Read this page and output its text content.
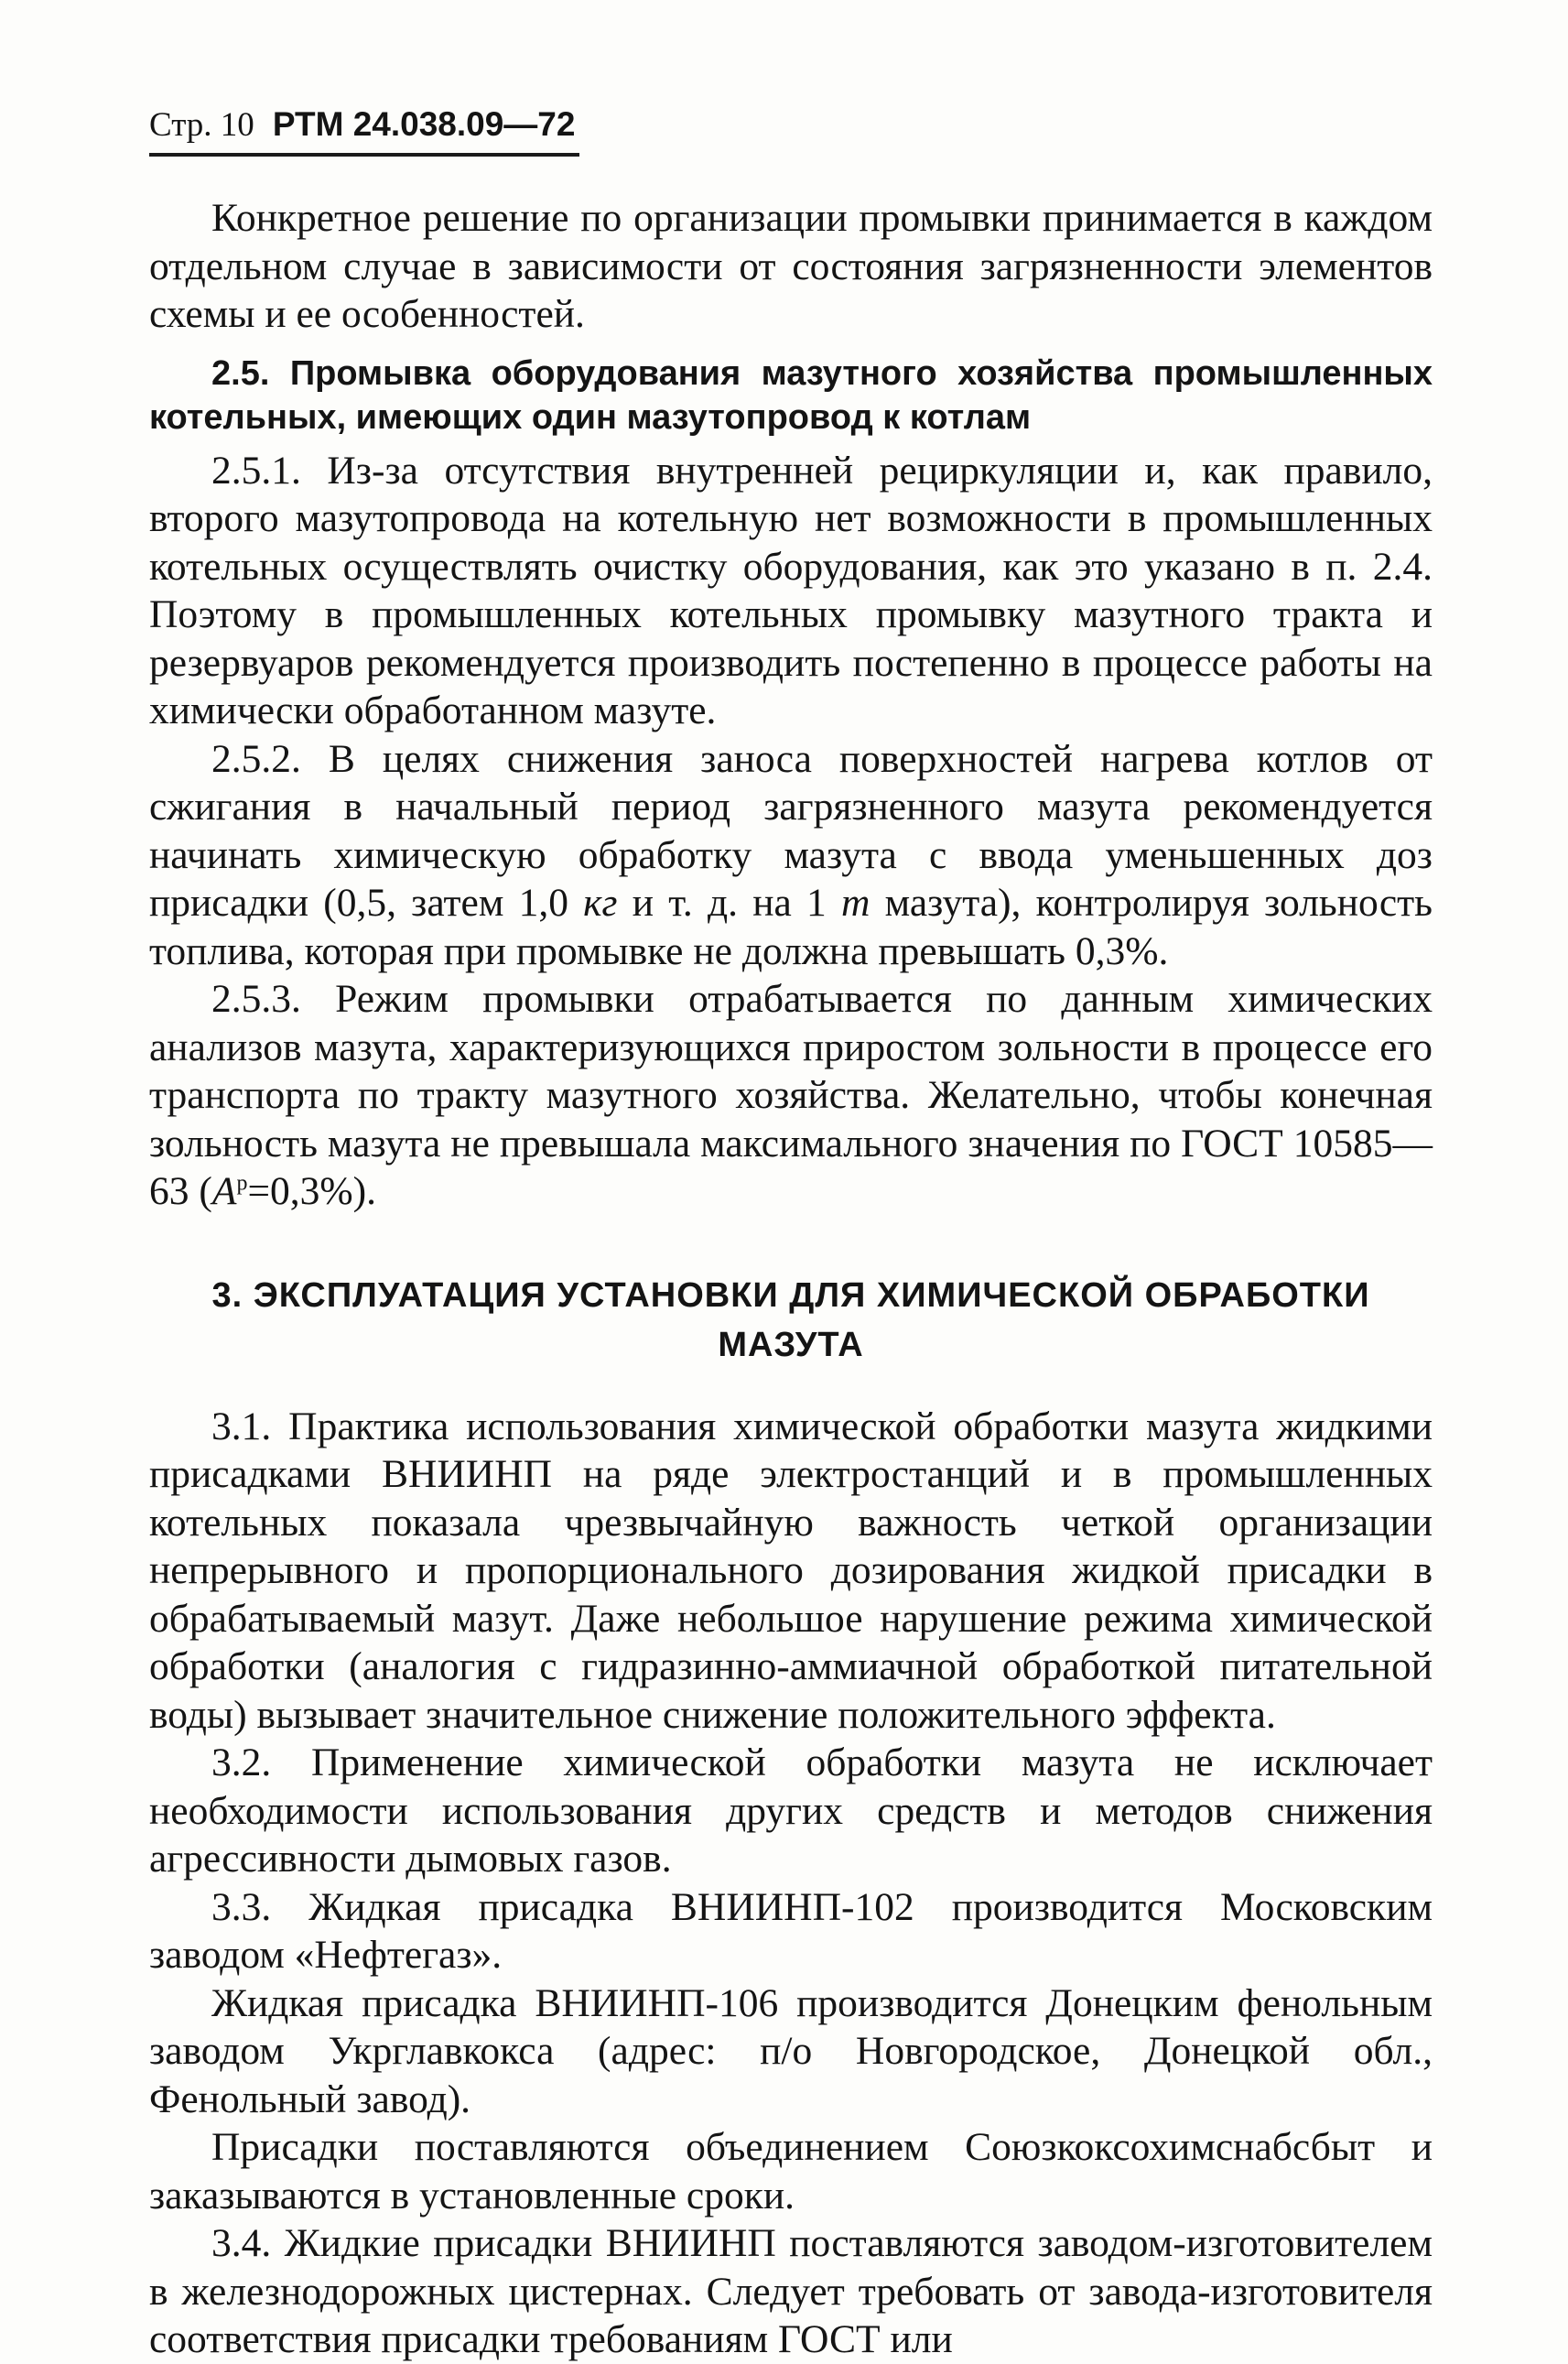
Стр. 10 РТМ 24.038.09—72

Конкретное решение по организации промывки принимается в каждом отдельном случае в зависимости от состояния загрязненности элементов схемы и ее особенностей.

2.5. Промывка оборудования мазутного хозяйства промышленных котельных, имеющих один мазутопровод к котлам

2.5.1. Из-за отсутствия внутренней рециркуляции и, как правило, второго мазутопровода на котельную нет возможности в промышленных котельных осуществлять очистку оборудования, как это указано в п. 2.4. Поэтому в промышленных котельных промывку мазутного тракта и резервуаров рекомендуется производить постепенно в процессе работы на химически обработанном мазуте.

2.5.2. В целях снижения заноса поверхностей нагрева котлов от сжигания в начальный период загрязненного мазута рекомендуется начинать химическую обработку мазута с ввода уменьшенных доз присадки (0,5, затем 1,0 кг и т. д. на 1 т мазута), контролируя зольность топлива, которая при промывке не должна превышать 0,3%.

2.5.3. Режим промывки отрабатывается по данным химических анализов мазута, характеризующихся приростом зольности в процессе его транспорта по тракту мазутного хозяйства. Желательно, чтобы конечная зольность мазута не превышала максимального значения по ГОСТ 10585—63 $(A^р=0,3\%)$.

3. ЭКСПЛУАТАЦИЯ УСТАНОВКИ ДЛЯ ХИМИЧЕСКОЙ ОБРАБОТКИ МАЗУТА

3.1. Практика использования химической обработки мазута жидкими присадками ВНИИНП на ряде электростанций и в промышленных котельных показала чрезвычайную важность четкой организации непрерывного и пропорционального дозирования жидкой присадки в обрабатываемый мазут. Даже небольшое нарушение режима химической обработки (аналогия с гидразинно-аммиачной обработкой питательной воды) вызывает значительное снижение положительного эффекта.

3.2. Применение химической обработки мазута не исключает необходимости использования других средств и методов снижения агрессивности дымовых газов.

3.3. Жидкая присадка ВНИИНП-102 производится Московским заводом «Нефтегаз».

Жидкая присадка ВНИИНП-106 производится Донецким фенольным заводом Укрглавкокса (адрес: п/о Новгородское, Донецкой обл., Фенольный завод).

Присадки поставляются объединением Союзкоксохимснабсбыт и заказываются в установленные сроки.

3.4. Жидкие присадки ВНИИНП поставляются заводом-изготовителем в железнодорожных цистернах. Следует требовать от завода-изготовителя соответствия присадки требованиям ГОСТ или
